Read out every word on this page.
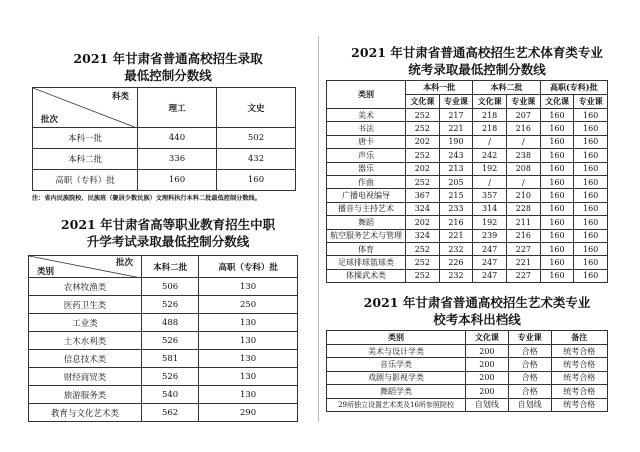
2021 年甘肃省普通高校招生录取
最低控制分数线
科类
批次	理工	文史
本科一批	440	502
本科二批	336	432
高职（专科）批	160	160
注：省内民族院校、民族班（聚居少数民族）文理科执行本科二批最低控制分数线。
2021 年甘肃省高等职业教育招生中职
升学考试录取最低控制分数线
批次
类别	本科二批	高职（专科）批
农林牧渔类	506	130
医药卫生类	526	250
工业类	488	130
土木水利类	526	130
信息技术类	581	130
财经商贸类	526	130
旅游服务类	540	130
教育与文化艺术类	562	290
2021 年甘肃省普通高校招生艺术体育类专业
统考录取最低控制分数线
类别	本科一批		本科二批		高职(专科)批	
	文化课	专业课	文化课	专业课	文化课	专业课
美术	252	217	218	207	160	160
书法	252	221	218	216	160	160
唐卡	202	190	/	/	160	160
声乐	252	243	242	238	160	160
器乐	202	213	192	208	160	160
作曲	252	205	/	/	160	160
广播电视编导	367	215	357	210	160	160
播音与主持艺术	324	233	314	228	160	160
舞蹈	202	216	192	211	160	160
航空服务艺术与管理	324	221	239	216	160	160
体育	252	232	247	227	160	160
足球排球篮球类	252	226	247	221	160	160
体操武术类	252	232	247	227	160	160
2021 年甘肃省普通高校招生艺术类专业
校考本科出档线
类别	文化课	专业课	备注
美术与设计学类	200	合格	统考合格
音乐学类	200	合格	统考合格
戏剧与影视学类	200	合格	统考合格
舞蹈学类	200	合格	统考合格
29所独立设置艺术类及16所参照院校	自划线	自划线	统考合格
